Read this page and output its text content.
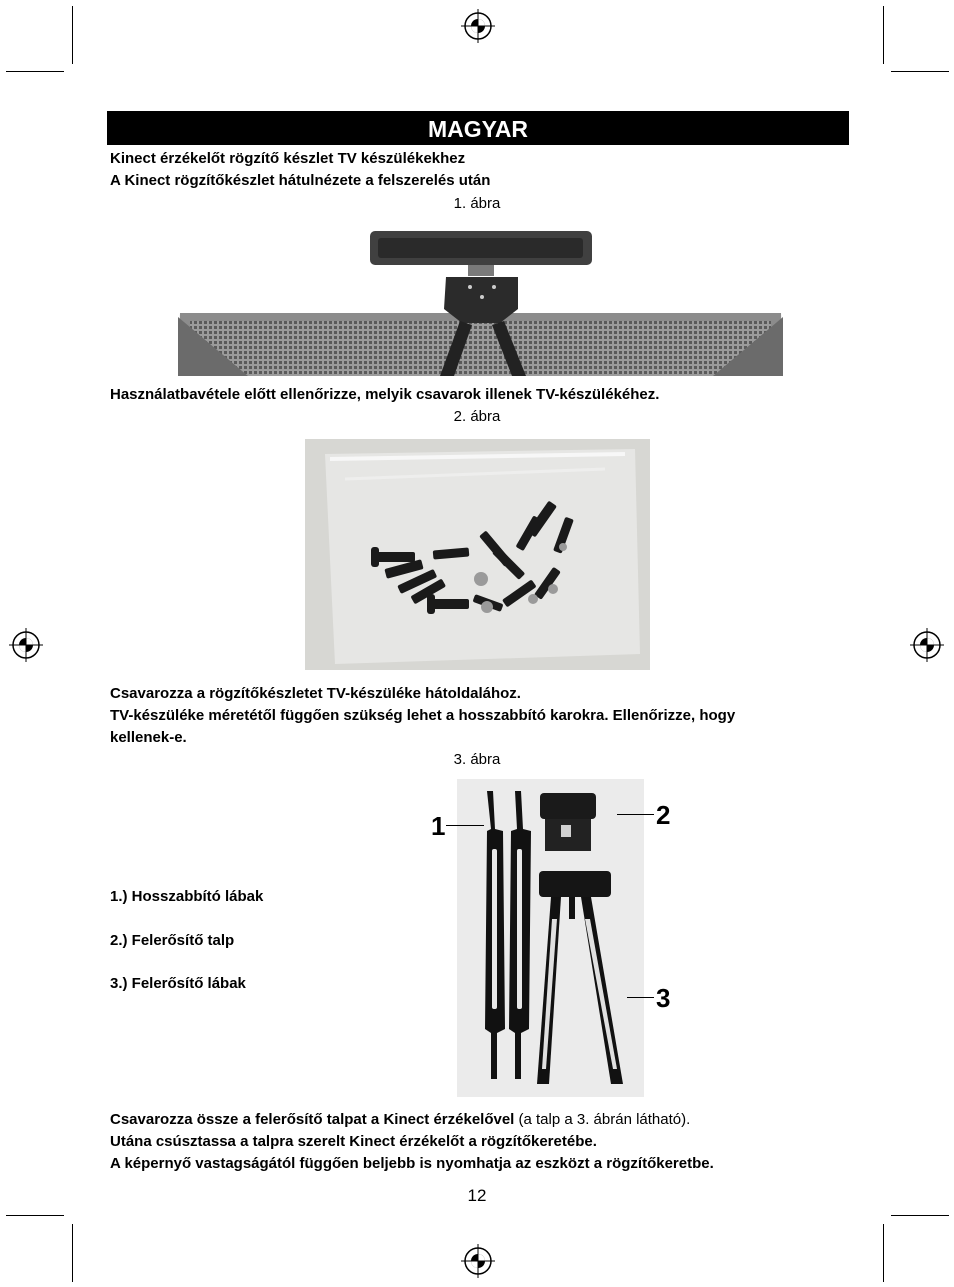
MAGYAR
Kinect érzékelőt rögzítő készlet TV készülékekhez
A Kinect rögzítőkészlet hátulnézete a felszerelés után
1. ábra
Használatbavétele előtt ellenőrizze, melyik csavarok illenek TV-készülékéhez.
2. ábra
Csavarozza a rögzítőkészletet TV-készüléke hátoldalához.
TV-készüléke méretétől függően szükség lehet a hosszabbító karokra. Ellenőrizze, hogy
kellenek-e.
3. ábra
1.) Hosszabbító lábak
2.) Felerősítő talp
3.) Felerősítő lábak
1	2
3
Csavarozza össze a felerősítő talpat a Kinect érzékelővel (a talp a 3. ábrán látható).
Utána csúsztassa a talpra szerelt Kinect érzékelőt a rögzítőkeretébe.
A képernyő vastagságától függően beljebb is nyomhatja az eszközt a rögzítőkeretbe.
12
